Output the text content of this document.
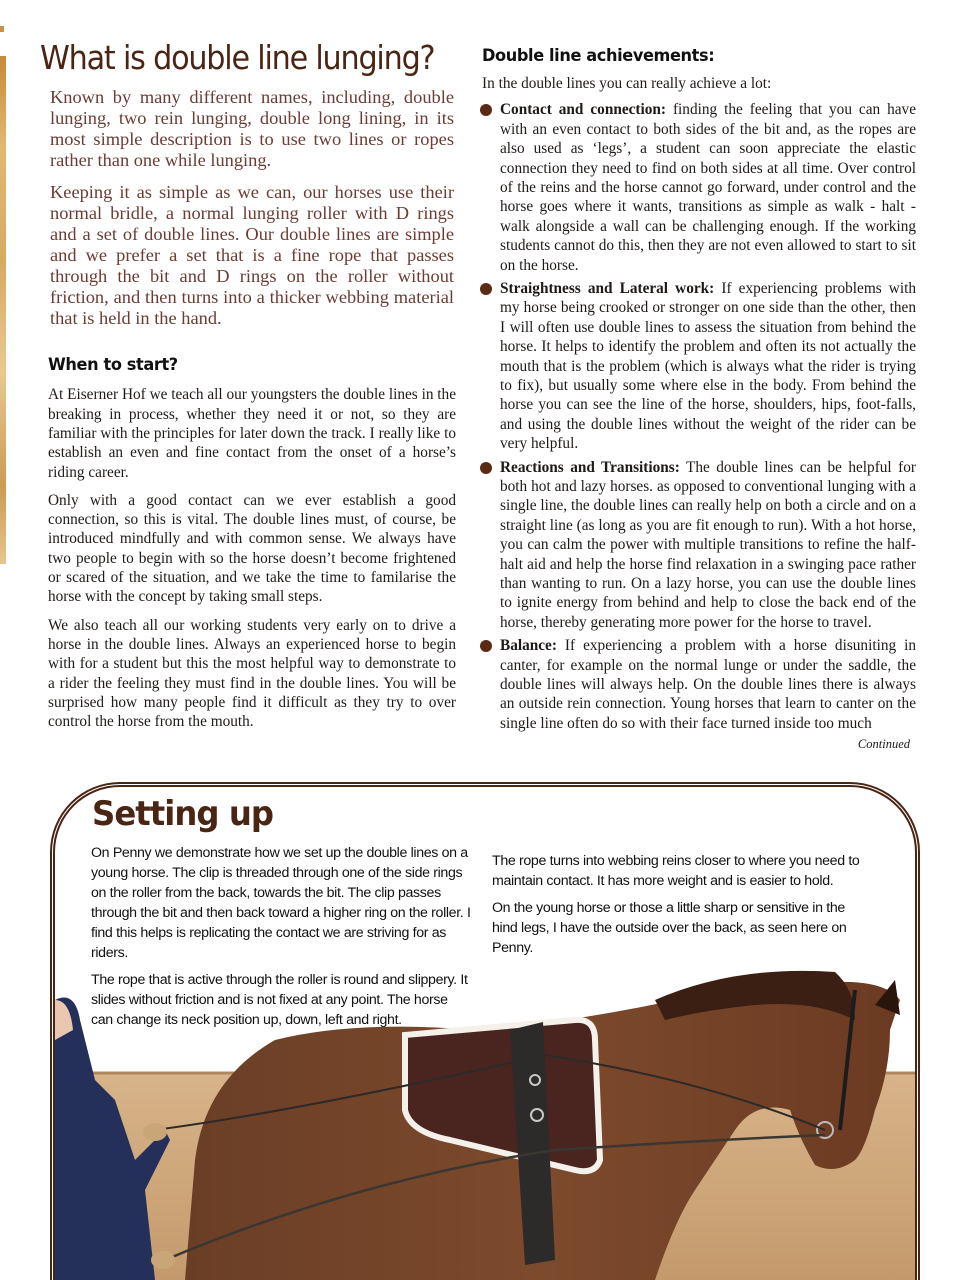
What is double line lunging?

Known by many different names, including, double lunging, two rein lunging, double long lining, in its most simple description is to use two lines or ropes rather than one while lunging.

Keeping it as simple as we can, our horses use their normal bridle, a normal lunging roller with D rings and a set of double lines. Our double lines are simple and we prefer a set that is a fine rope that passes through the bit and D rings on the roller without friction, and then turns into a thicker webbing material that is held in the hand.

When to start?

At Eiserner Hof we teach all our youngsters the double lines in the breaking in process, whether they need it or not, so they are familiar with the principles for later down the track. I really like to establish an even and fine contact from the onset of a horse’s riding career.

Only with a good contact can we ever establish a good connection, so this is vital. The double lines must, of course, be introduced mindfully and with common sense. We always have two people to begin with so the horse doesn’t become frightened or scared of the situation, and we take the time to familarise the horse with the concept by taking small steps.

We also teach all our working students very early on to drive a horse in the double lines. Always an experienced horse to begin with for a student but this the most helpful way to demonstrate to a rider the feeling they must find in the double lines. You will be surprised how many people find it difficult as they try to over control the horse from the mouth.

Double line achievements:

In the double lines you can really achieve a lot:

Contact and connection: finding the feeling that you can have with an even contact to both sides of the bit and, as the ropes are also used as ‘legs’, a student can soon appreciate the elastic connection they need to find on both sides at all time. Over control of the reins and the horse cannot go forward, under control and the horse goes where it wants, transitions as simple as walk - halt - walk alongside a wall can be challenging enough. If the working students cannot do this, then they are not even allowed to start to sit on the horse.
Straightness and Lateral work: If experiencing problems with my horse being crooked or stronger on one side than the other, then I will often use double lines to assess the situation from behind the horse. It helps to identify the problem and often its not actually the mouth that is the problem (which is always what the rider is trying to fix), but usually some where else in the body. From behind the horse you can see the line of the horse, shoulders, hips, foot-falls, and using the double lines without the weight of the rider can be very helpful.
Reactions and Transitions: The double lines can be helpful for both hot and lazy horses. as opposed to conventional lunging with a single line, the double lines can really help on both a circle and on a straight line (as long as you are fit enough to run). With a hot horse, you can calm the power with multiple transitions to refine the half-halt aid and help the horse find relaxation in a swinging pace rather than wanting to run. On a lazy horse, you can use the double lines to ignite energy from behind and help to close the back end of the horse, thereby generating more power for the horse to travel.
Balance: If experiencing a problem with a horse disuniting in canter, for example on the normal lunge or under the saddle, the double lines will always help. On the double lines there is always an outside rein connection. Young horses that learn to canter on the single line often do so with their face turned inside too much
Continued
Setting up

On Penny we demonstrate how we set up the double lines on a young horse. The clip is threaded through one of the side rings on the roller from the back, towards the bit. The clip passes through the bit and then back toward a higher ring on the roller. I find this helps is replicating the contact we are striving for as riders.

The rope that is active through the roller is round and slippery. It slides without friction and is not fixed at any point. The horse can change its neck position up, down, left and right.

The rope turns into webbing reins closer to where you need to maintain contact. It has more weight and is easier to hold.

On the young horse or those a little sharp or sensitive in the hind legs, I have the outside over the back, as seen here on Penny.
